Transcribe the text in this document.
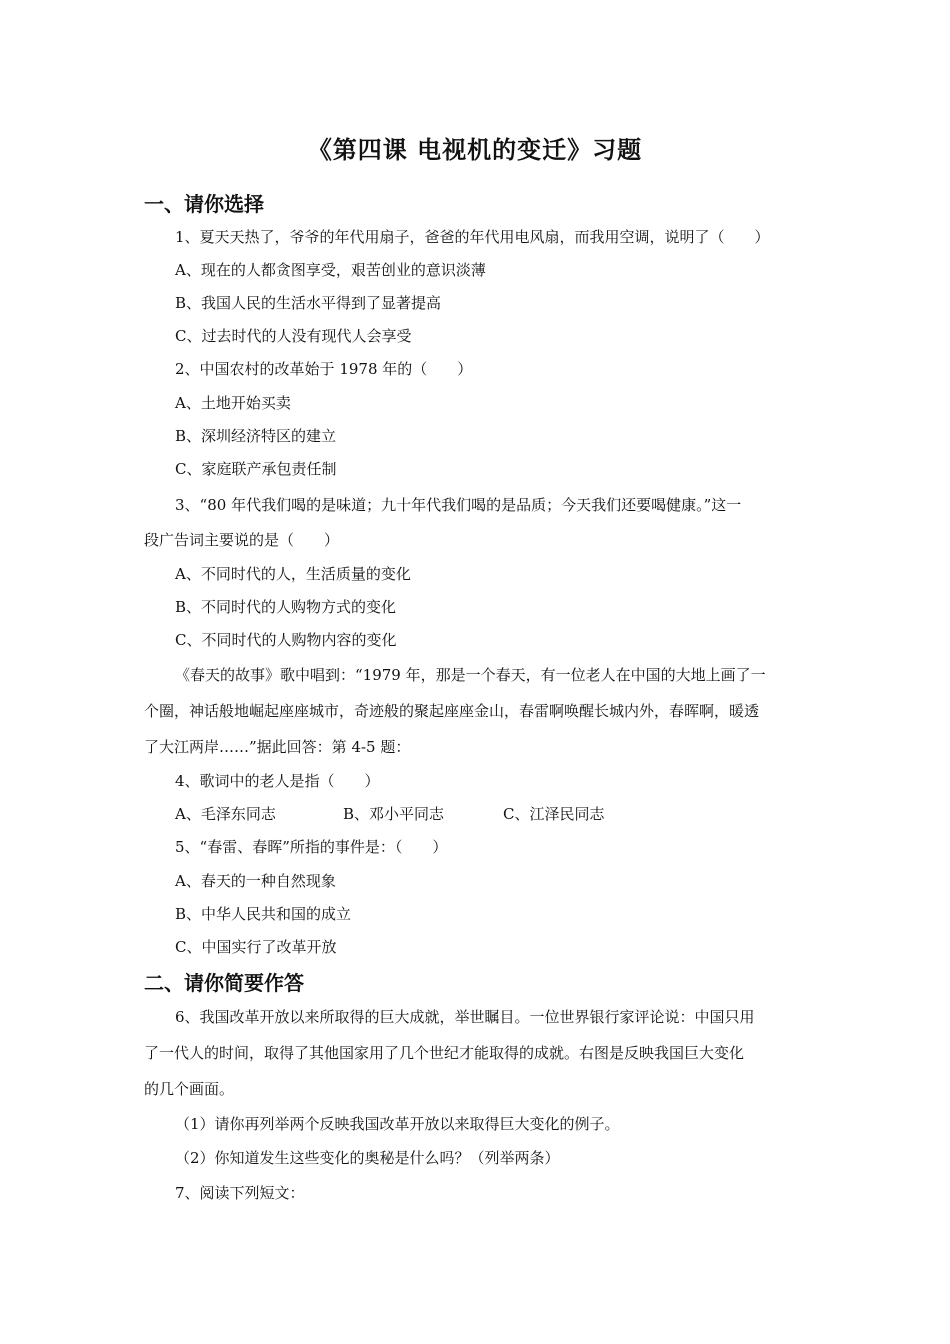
《第四课 电视机的变迁》习题
一、请你选择
1、夏天天热了，爷爷的年代用扇子，爸爸的年代用电风扇，而我用空调，说明了（　　）
A、现在的人都贪图享受，艰苦创业的意识淡薄
B、我国人民的生活水平得到了显著提高
C、过去时代的人没有现代人会享受
2、中国农村的改革始于 1978 年的（　　）
A、土地开始买卖
B、深圳经济特区的建立
C、家庭联产承包责任制
3、“80 年代我们喝的是味道；九十年代我们喝的是品质；今天我们还要喝健康。”这一
段广告词主要说的是（　　）
A、不同时代的人，生活质量的变化
B、不同时代的人购物方式的变化
C、不同时代的人购物内容的变化
《春天的故事》歌中唱到：“1979 年，那是一个春天，有一位老人在中国的大地上画了一
个圈，神话般地崛起座座城市，奇迹般的聚起座座金山，春雷啊唤醒长城内外，春晖啊，暖透
了大江两岸……”据此回答：第 4-5 题：
4、歌词中的老人是指（　　）
A、毛泽东同志	B、邓小平同志	C、江泽民同志
5、“春雷、春晖”所指的事件是：（　　）
A、春天的一种自然现象
B、中华人民共和国的成立
C、中国实行了改革开放
二、请你简要作答
6、我国改革开放以来所取得的巨大成就，举世瞩目。一位世界银行家评论说：中国只用
了一代人的时间，取得了其他国家用了几个世纪才能取得的成就。右图是反映我国巨大变化
的几个画面。
（1）请你再列举两个反映我国改革开放以来取得巨大变化的例子。
（2）你知道发生这些变化的奥秘是什么吗？（列举两条）
7、阅读下列短文：
